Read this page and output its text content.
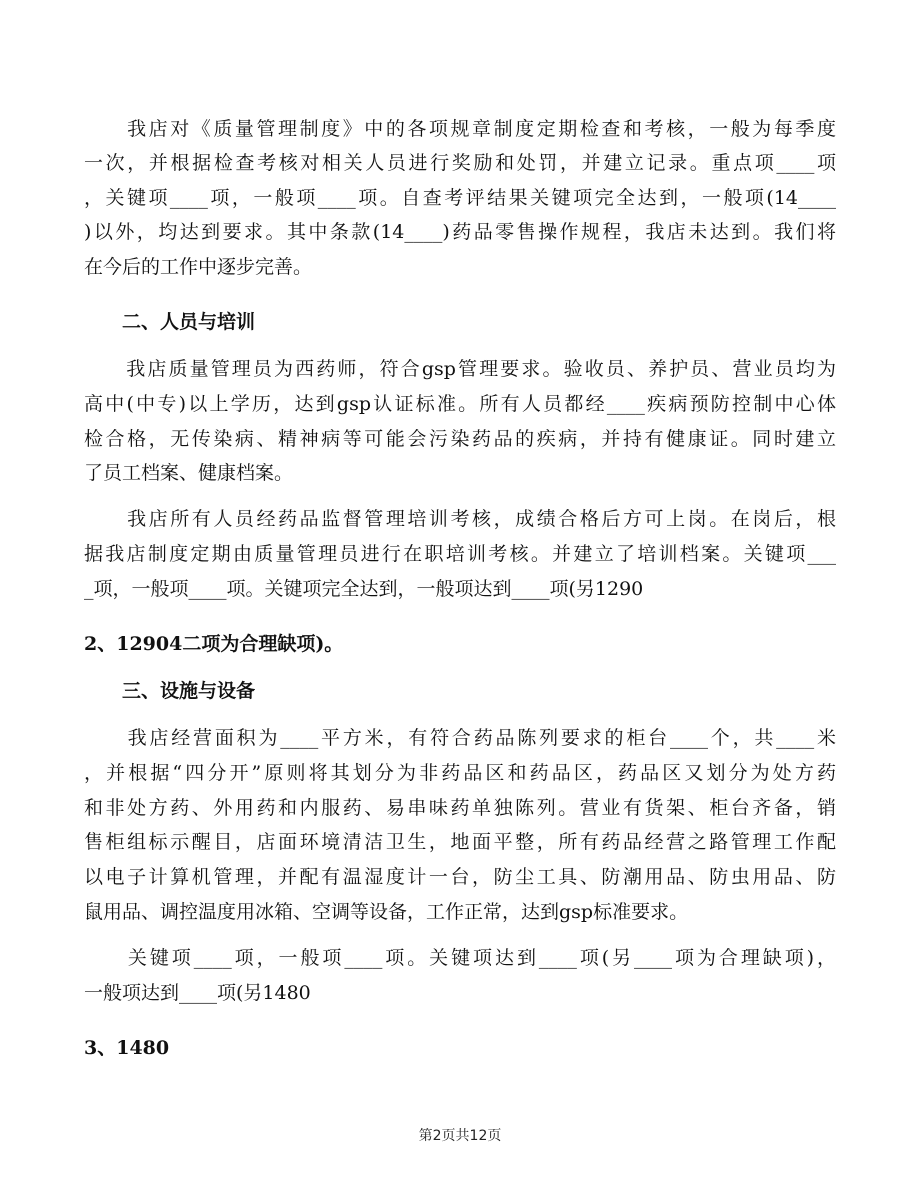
　　我店对《质量管理制度》中的各项规章制度定期检查和考核，一般为每季度
一次，并根据检查考核对相关人员进行奖励和处罚，并建立记录。重点项____项
，关键项____项，一般项____项。自查考评结果关键项完全达到，一般项(14____
)以外，均达到要求。其中条款(14____)药品零售操作规程，我店未达到。我们将
在今后的工作中逐步完善。
　　二、人员与培训
　　我店质量管理员为西药师，符合gsp管理要求。验收员、养护员、营业员均为
高中(中专)以上学历，达到gsp认证标准。所有人员都经____疾病预防控制中心体
检合格，无传染病、精神病等可能会污染药品的疾病，并持有健康证。同时建立
了员工档案、健康档案。
　　我店所有人员经药品监督管理培训考核，成绩合格后方可上岗。在岗后，根
据我店制度定期由质量管理员进行在职培训考核。并建立了培训档案。关键项___
_项，一般项____项。关键项完全达到，一般项达到____项(另1290
2、12904二项为合理缺项)。
　　三、设施与设备
　　我店经营面积为____平方米，有符合药品陈列要求的柜台____个，共____米
，并根据“四分开”原则将其划分为非药品区和药品区，药品区又划分为处方药
和非处方药、外用药和内服药、易串味药单独陈列。营业有货架、柜台齐备，销
售柜组标示醒目，店面环境清洁卫生，地面平整，所有药品经营之路管理工作配
以电子计算机管理，并配有温湿度计一台，防尘工具、防潮用品、防虫用品、防
鼠用品、调控温度用冰箱、空调等设备，工作正常，达到gsp标准要求。
　　关键项____项，一般项____项。关键项达到____项(另____项为合理缺项)，
一般项达到____项(另1480
3、1480
第2页共12页
